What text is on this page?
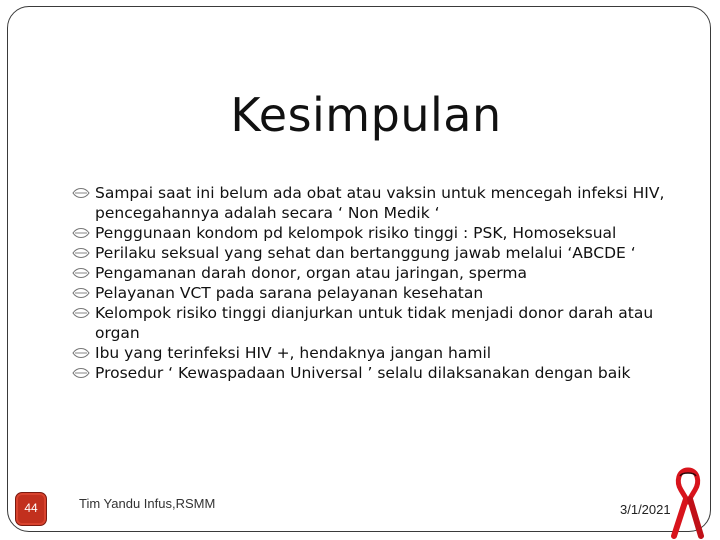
Kesimpulan
Sampai saat ini belum ada obat atau vaksin untuk mencegah infeksi HIV, pencegahannya adalah secara ‘ Non Medik ‘
Penggunaan kondom pd kelompok risiko tinggi : PSK, Homoseksual
Perilaku seksual yang sehat dan bertanggung jawab melalui ‘ABCDE ‘
Pengamanan darah donor, organ atau jaringan, sperma
Pelayanan VCT pada sarana pelayanan kesehatan
Kelompok risiko tinggi dianjurkan untuk tidak menjadi donor darah atau organ
Ibu yang terinfeksi HIV +, hendaknya jangan hamil
Prosedur ‘ Kewaspadaan Universal ’ selalu dilaksanakan dengan baik
44	Tim Yandu Infus,RSMM	3/1/2021
